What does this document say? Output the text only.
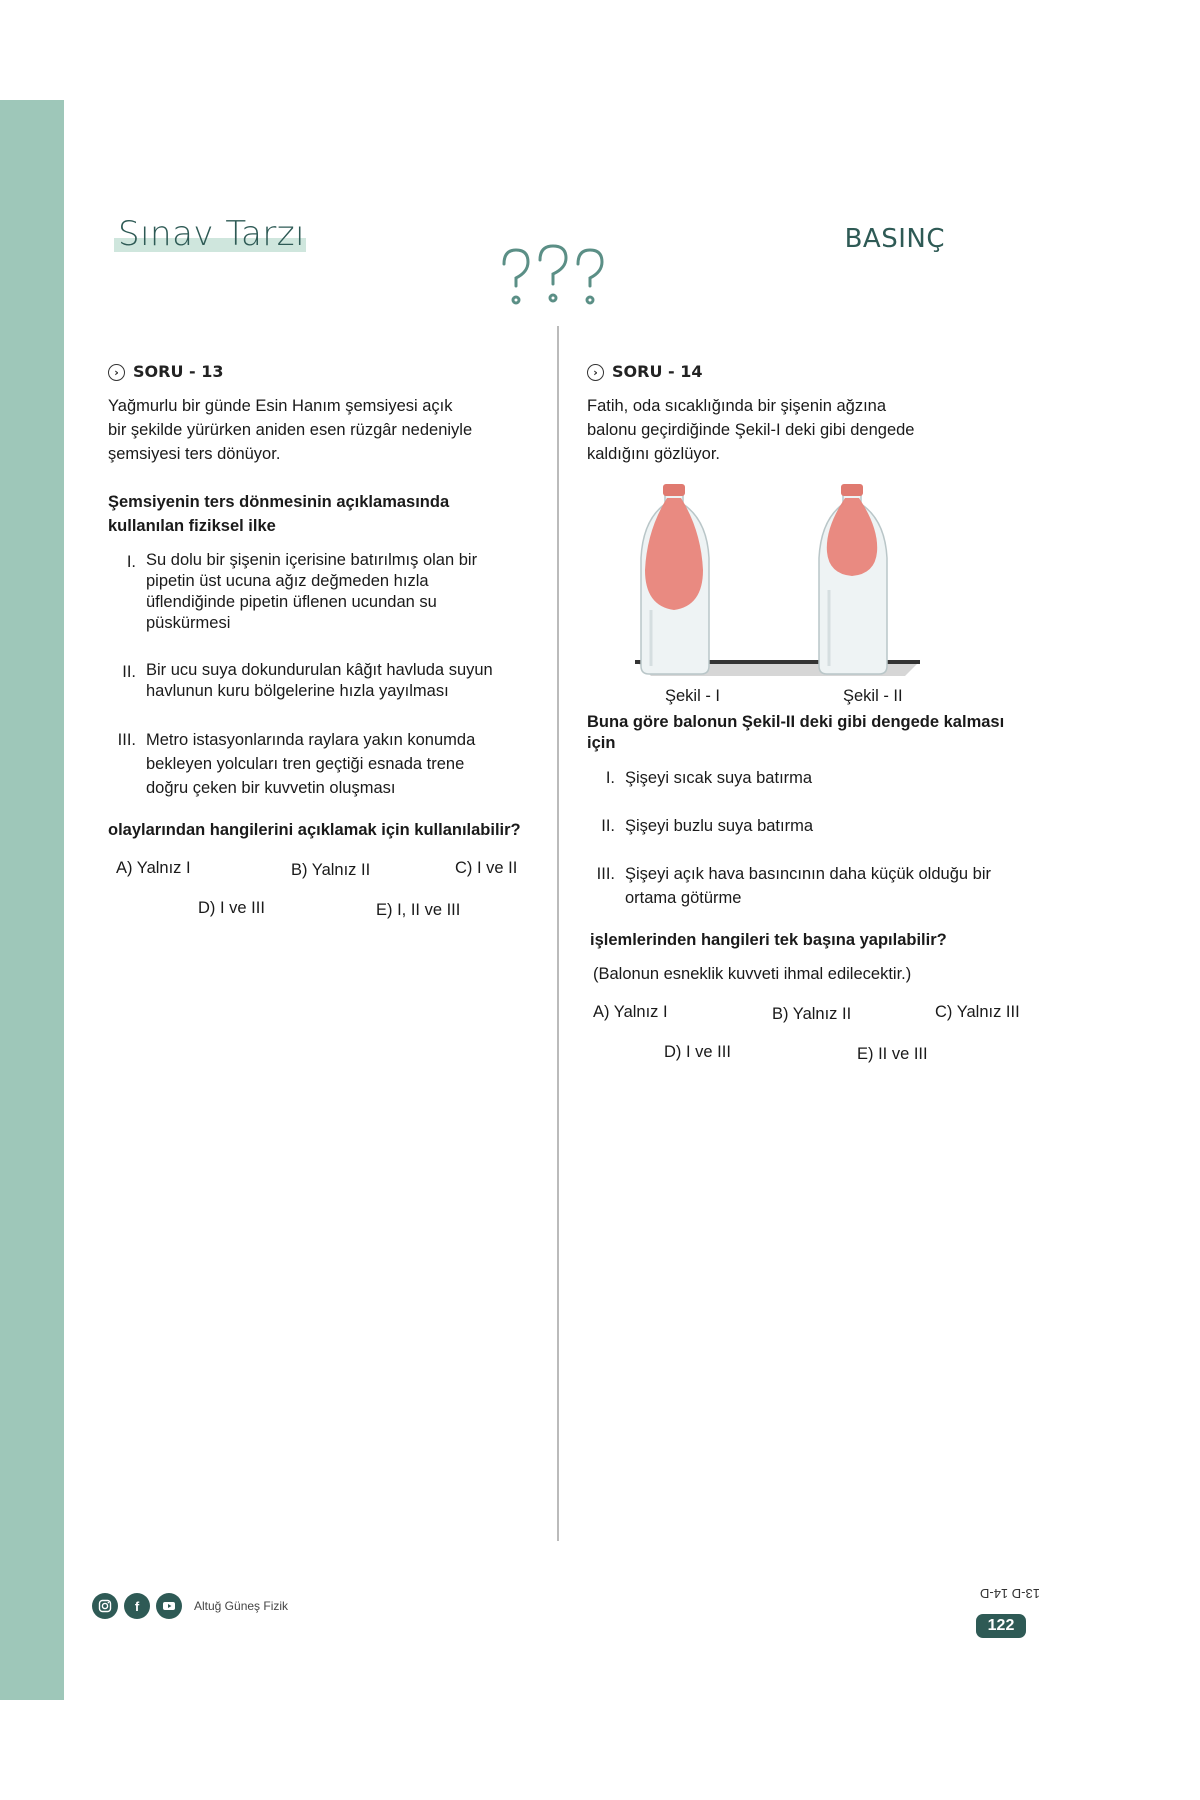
Sınav Tarzı	BASINÇ
› SORU - 13

Yağmurlu bir günde Esin Hanım şemsiyesi açık

bir şekilde yürürken aniden esen rüzgâr nedeniyle

şemsiyesi ters dönüyor.

Şemsiyenin ters dönmesinin açıklamasında

kullanılan fiziksel ilke

I. Su dolu bir şişenin içerisine batırılmış olan bir

pipetin üst ucuna ağız değmeden hızla

üflendiğinde pipetin üflenen ucundan su

püskürmesi

II. Bir ucu suya dokundurulan kâğıt havluda suyun

havlunun kuru bölgelerine hızla yayılması

III. Metro istasyonlarında raylara yakın konumda

bekleyen yolcuları tren geçtiği esnada trene

doğru çeken bir kuvvetin oluşması

olaylarından hangilerini açıklamak için kullanılabilir?

A) Yalnız I	B) Yalnız II	C) I ve II
D) I ve III	E) I, II ve III
› SORU - 14

Fatih, oda sıcaklığında bir şişenin ağzına

balonu geçirdiğinde Şekil-I deki gibi dengede

kaldığını gözlüyor.

Şekil - I	Şekil - II

Buna göre balonun Şekil-II deki gibi dengede kalması

için

I. Şişeyi sıcak suya batırma

II. Şişeyi buzlu suya batırma

III. Şişeyi açık hava basıncının daha küçük olduğu bir

ortama götürme

işlemlerinden hangileri tek başına yapılabilir?

(Balonun esneklik kuvveti ihmal edilecektir.)

A) Yalnız I	B) Yalnız II	C) Yalnız III
D) I ve III	E) II ve III
f	Altuğ Güneş Fizik
13-D 14-D
122
